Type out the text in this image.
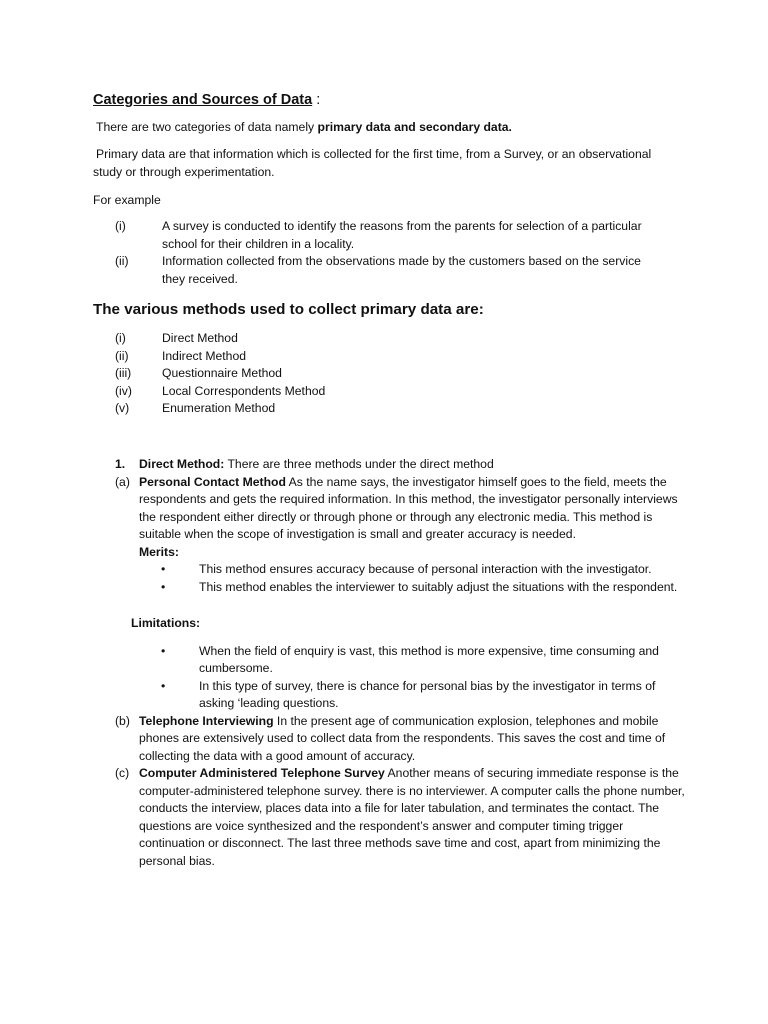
Categories and Sources of Data :
There are two categories of data namely primary data and secondary data.
Primary data are that information which is collected for the first time, from a Survey, or an observational study or through experimentation.
For example
(i)	A survey is conducted to identify the reasons from the parents for selection of a particular school for their children in a locality.
(ii)	Information collected from the observations made by the customers based on the service they received.
The various methods used to collect primary data are:
(i)	Direct Method
(ii)	Indirect Method
(iii)	Questionnaire Method
(iv)	Local Correspondents Method
(v)	Enumeration Method
1.	Direct Method: There are three methods under the direct method
(a) Personal Contact Method As the name says, the investigator himself goes to the field, meets the respondents and gets the required information. In this method, the investigator personally interviews the respondent either directly or through phone or through any electronic media. This method is suitable when the scope of investigation is small and greater accuracy is needed.
Merits:
•	This method ensures accuracy because of personal interaction with the investigator.
•	This method enables the interviewer to suitably adjust the situations with the respondent.
Limitations:
•	When the field of enquiry is vast, this method is more expensive, time consuming and cumbersome.
•	In this type of survey, there is chance for personal bias by the investigator in terms of asking ‘leading questions.
(b) Telephone Interviewing In the present age of communication explosion, telephones and mobile phones are extensively used to collect data from the respondents. This saves the cost and time of collecting the data with a good amount of accuracy.
(c) Computer Administered Telephone Survey Another means of securing immediate response is the computer-administered telephone survey. there is no interviewer. A computer calls the phone number, conducts the interview, places data into a file for later tabulation, and terminates the contact. The questions are voice synthesized and the respondent’s answer and computer timing trigger continuation or disconnect. The last three methods save time and cost, apart from minimizing the personal bias.
